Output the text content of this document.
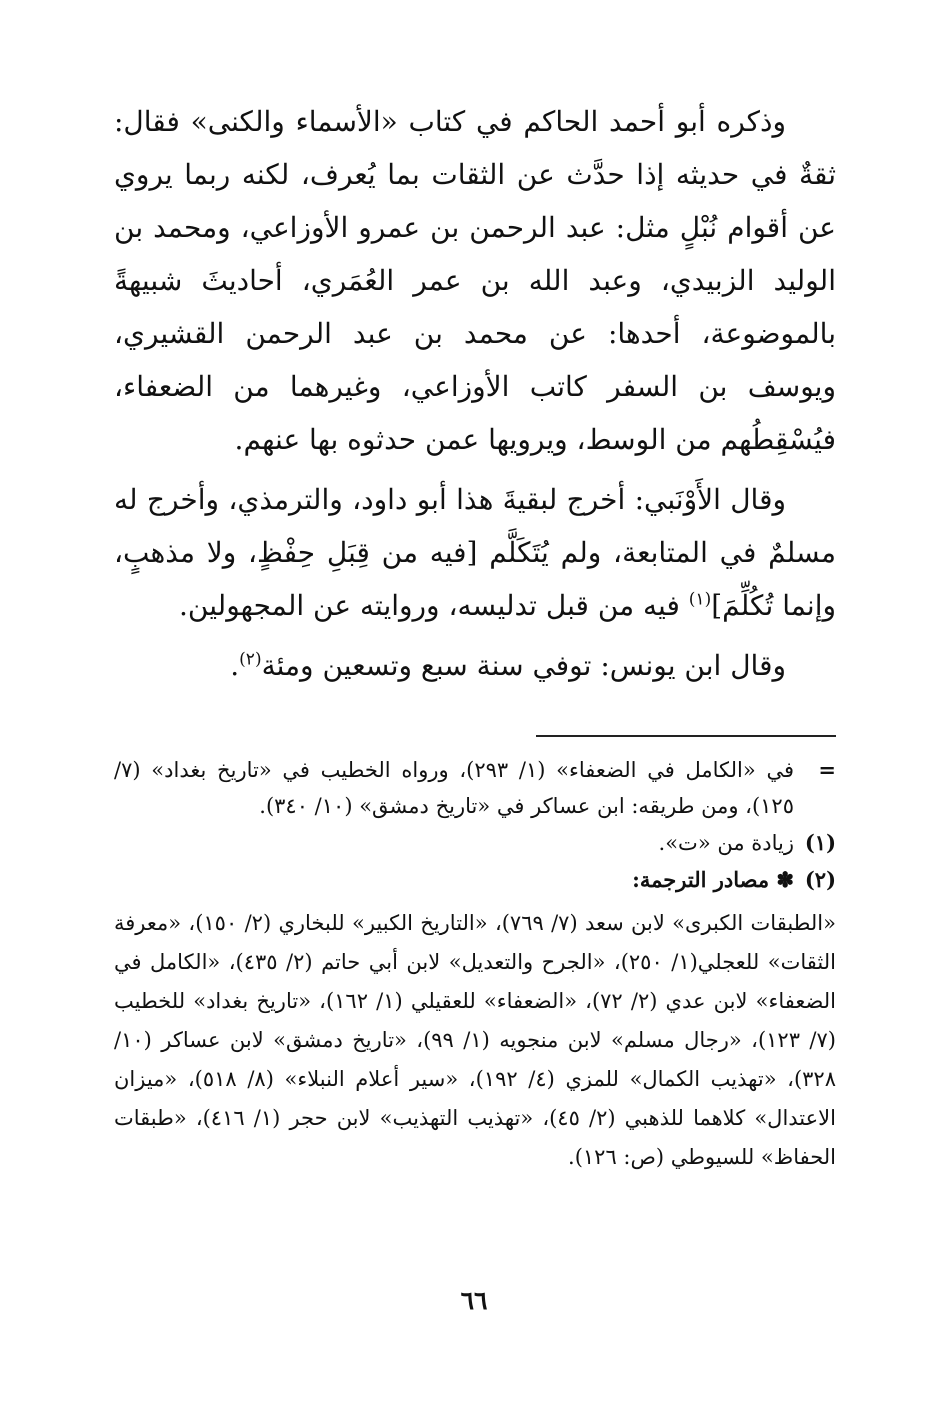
وذكره أبو أحمد الحاكم في كتاب «الأسماء والكنى» فقال: ثقةٌ في حديثه إذا حدَّث عن الثقات بما يُعرف، لكنه ربما يروي عن أقوام نُبْلٍ مثل: عبد الرحمن بن عمرو الأوزاعي، ومحمد بن الوليد الزبيدي، وعبد الله بن عمر العُمَري، أحاديثَ شبيهةً بالموضوعة، أحدها: عن محمد بن عبد الرحمن القشيري، ويوسف بن السفر كاتب الأوزاعي، وغيرهما من الضعفاء، فيُسْقِطُهم من الوسط، ويرويها عمن حدثوه بها عنهم.

وقال الأَوْنَبي: أخرج لبقيةَ هذا أبو داود، والترمذي، وأخرج له مسلمٌ في المتابعة، ولم يُتَكَلَّم [فيه من قِبَلِ حِفْظٍ، ولا مذهبٍ، وإنما تُكُلِّمَ]$^{(١)}$ فيه من قبل تدليسه، وروايته عن المجهولين.

وقال ابن يونس: توفي سنة سبع وتسعين ومئة$^{(٢)}$.

=
في «الكامل في الضعفاء» (١/ ٢٩٣)، ورواه الخطيب في «تاريخ بغداد» (٧/ ١٢٥)، ومن طريقه: ابن عساكر في «تاريخ دمشق» (١٠/ ٣٤٠).
(١)
زيادة من «ت».
(٢)
✽ مصادر الترجمة:
«الطبقات الكبرى» لابن سعد (٧/ ٧٦٩)، «التاريخ الكبير» للبخاري (٢/ ١٥٠)، «معرفة الثقات» للعجلي(١/ ٢٥٠)، «الجرح والتعديل» لابن أبي حاتم (٢/ ٤٣٥)، «الكامل في الضعفاء» لابن عدي (٢/ ٧٢)، «الضعفاء» للعقيلي (١/ ١٦٢)، «تاريخ بغداد» للخطيب (٧/ ١٢٣)، «رجال مسلم» لابن منجويه (١/ ٩٩)، «تاريخ دمشق» لابن عساكر (١٠/ ٣٢٨)، «تهذيب الكمال» للمزي (٤/ ١٩٢)، «سير أعلام النبلاء» (٨/ ٥١٨)، «ميزان الاعتدال» كلاهما للذهبي (٢/ ٤٥)، «تهذيب التهذيب» لابن حجر (١/ ٤١٦)، «طبقات الحفاظ» للسيوطي (ص: ١٢٦).
٦٦
